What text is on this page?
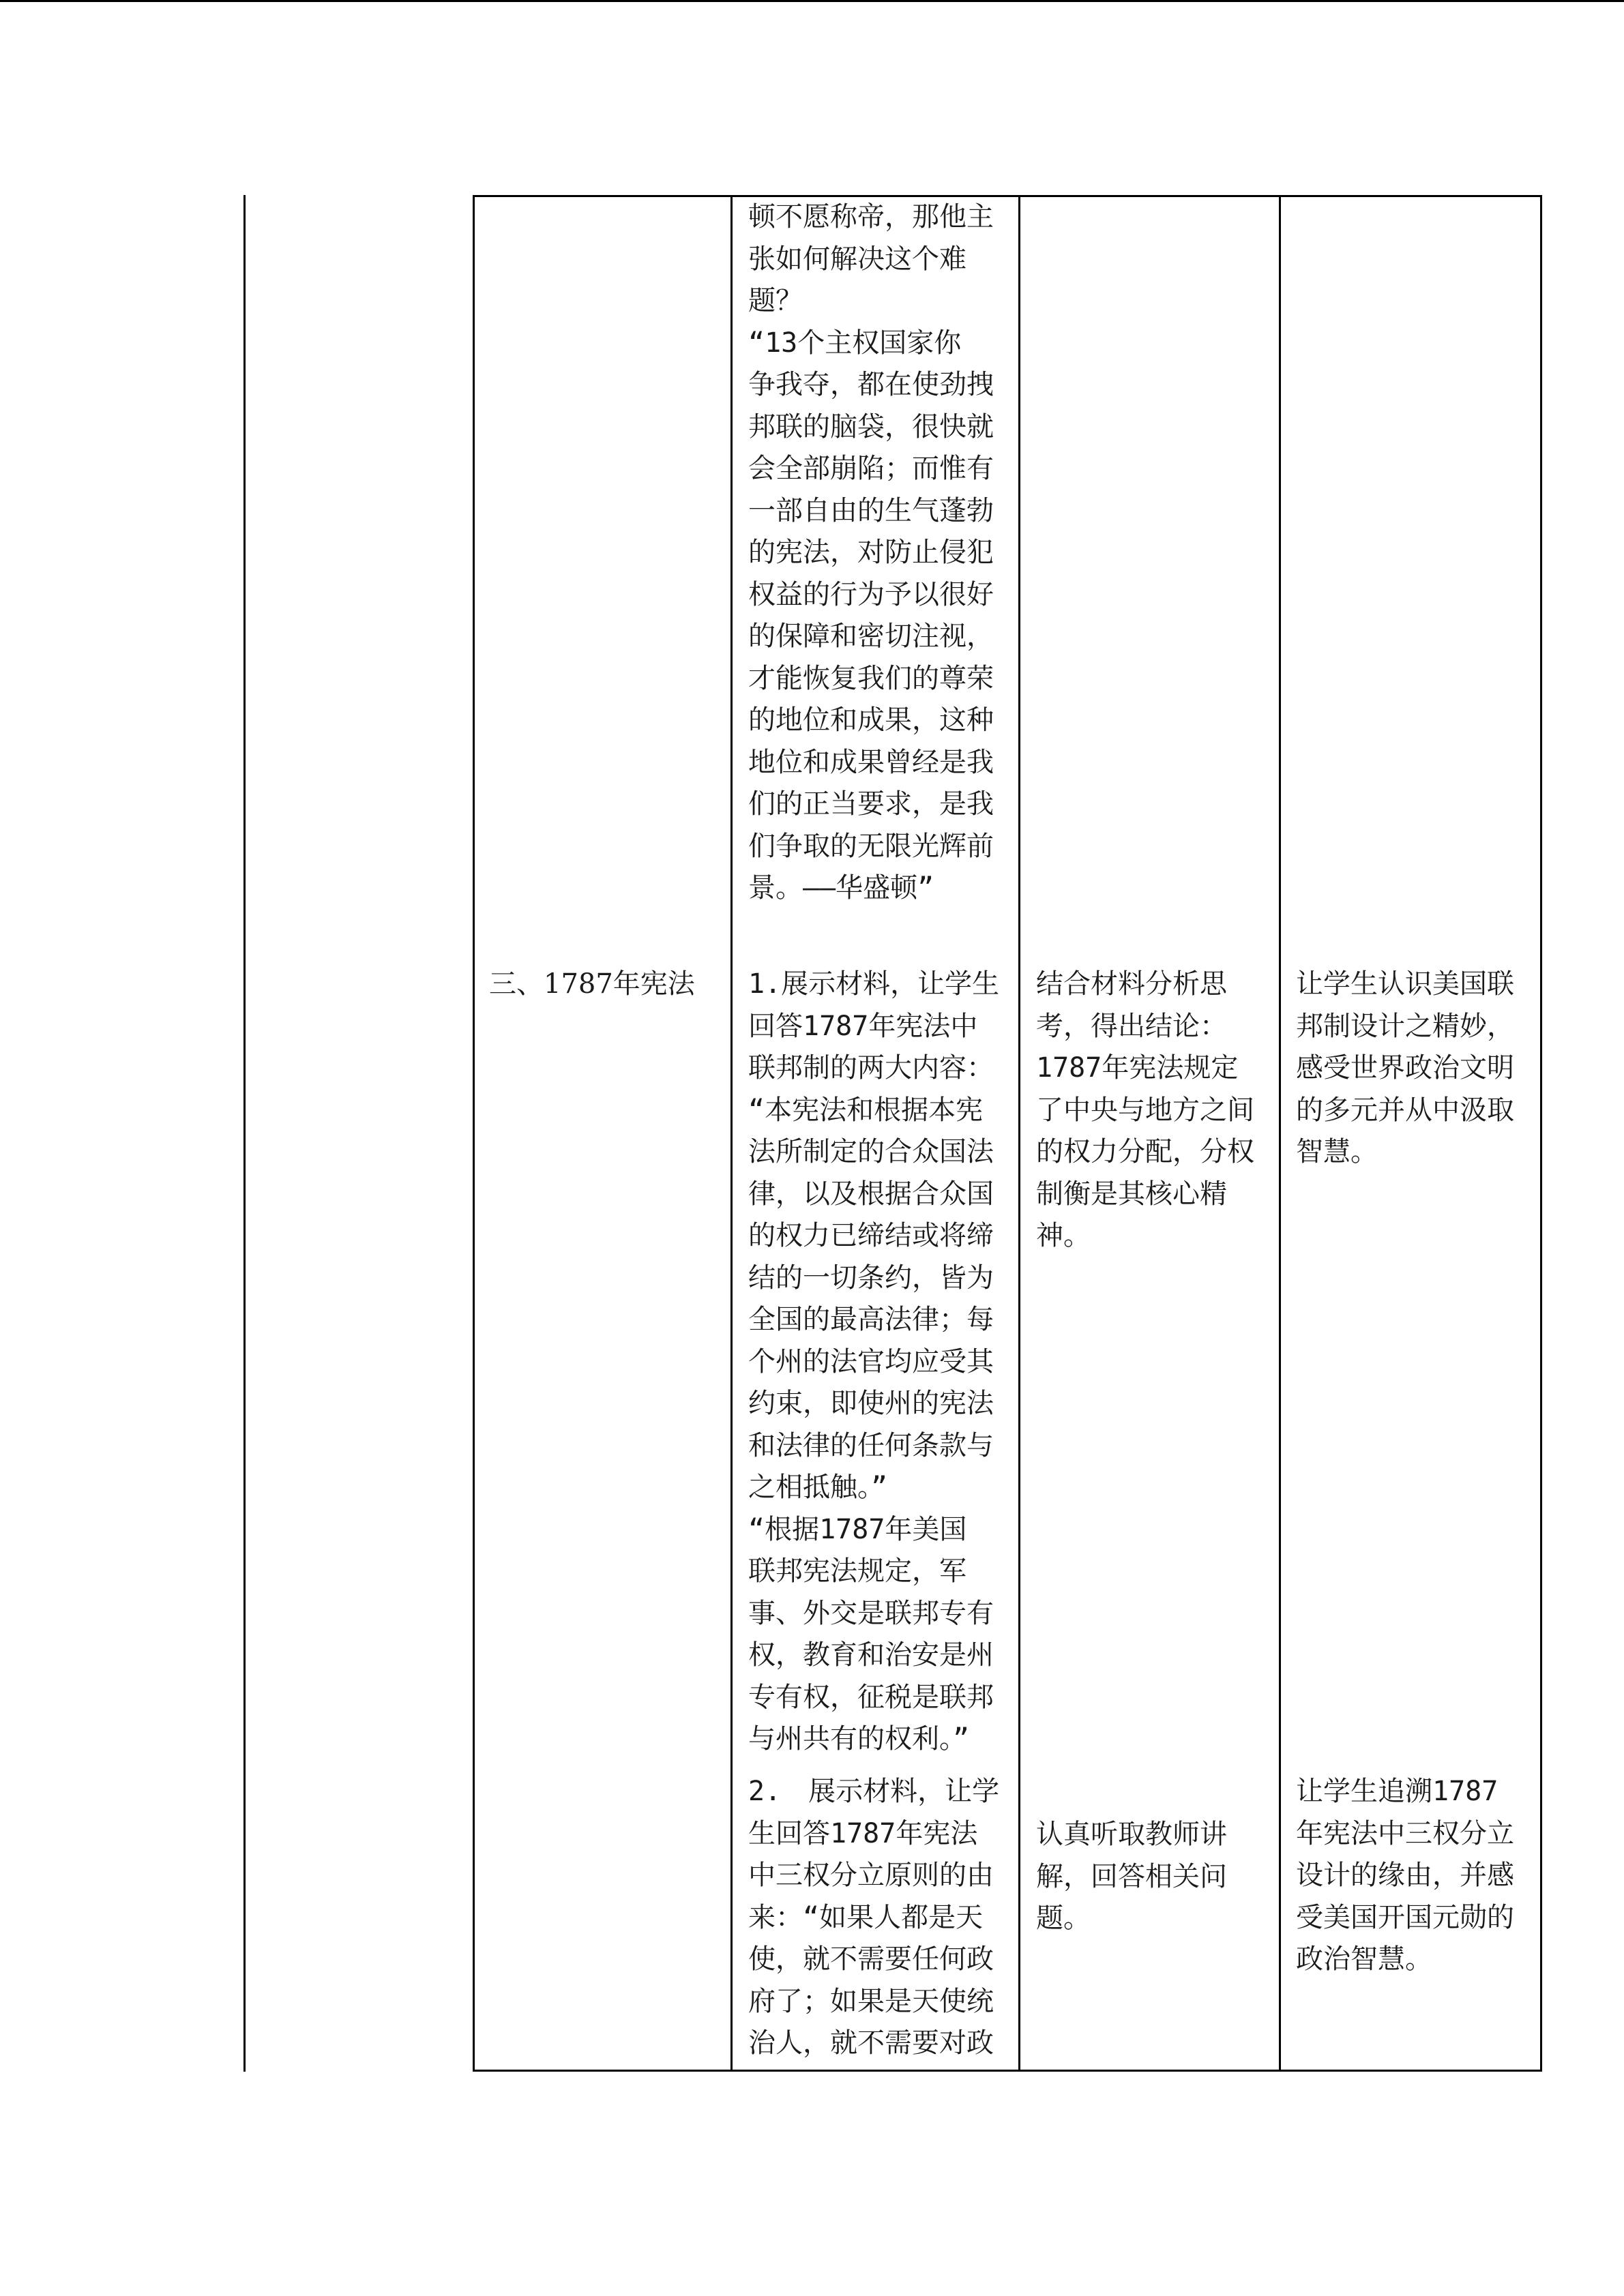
三、1787年宪法
顿不愿称帝，那他主
张如何解决这个难
题？
“13个主权国家你
争我夺，都在使劲拽
邦联的脑袋，很快就
会全部崩陷；而惟有
一部自由的生气蓬勃
的宪法，对防止侵犯
权益的行为予以很好
的保障和密切注视，
才能恢复我们的尊荣
的地位和成果，这种
地位和成果曾经是我
们的正当要求，是我
们争取的无限光辉前
景。——华盛顿”
1.展示材料，让学生
回答1787年宪法中
联邦制的两大内容：
“本宪法和根据本宪
法所制定的合众国法
律，以及根据合众国
的权力已缔结或将缔
结的一切条约，皆为
全国的最高法律；每
个州的法官均应受其
约束，即使州的宪法
和法律的任何条款与
之相抵触。”
“根据1787年美国
联邦宪法规定，军
事、外交是联邦专有
权，教育和治安是州
专有权，征税是联邦
与州共有的权利。”
2.　展示材料，让学
生回答1787年宪法
中三权分立原则的由
来：“如果人都是天
使，就不需要任何政
府了；如果是天使统
治人，就不需要对政
结合材料分析思
考，得出结论：
1787年宪法规定
了中央与地方之间
的权力分配，分权
制衡是其核心精
神。
认真听取教师讲
解，回答相关问
题。
让学生认识美国联
邦制设计之精妙，
感受世界政治文明
的多元并从中汲取
智慧。
让学生追溯1787
年宪法中三权分立
设计的缘由，并感
受美国开国元勋的
政治智慧。
